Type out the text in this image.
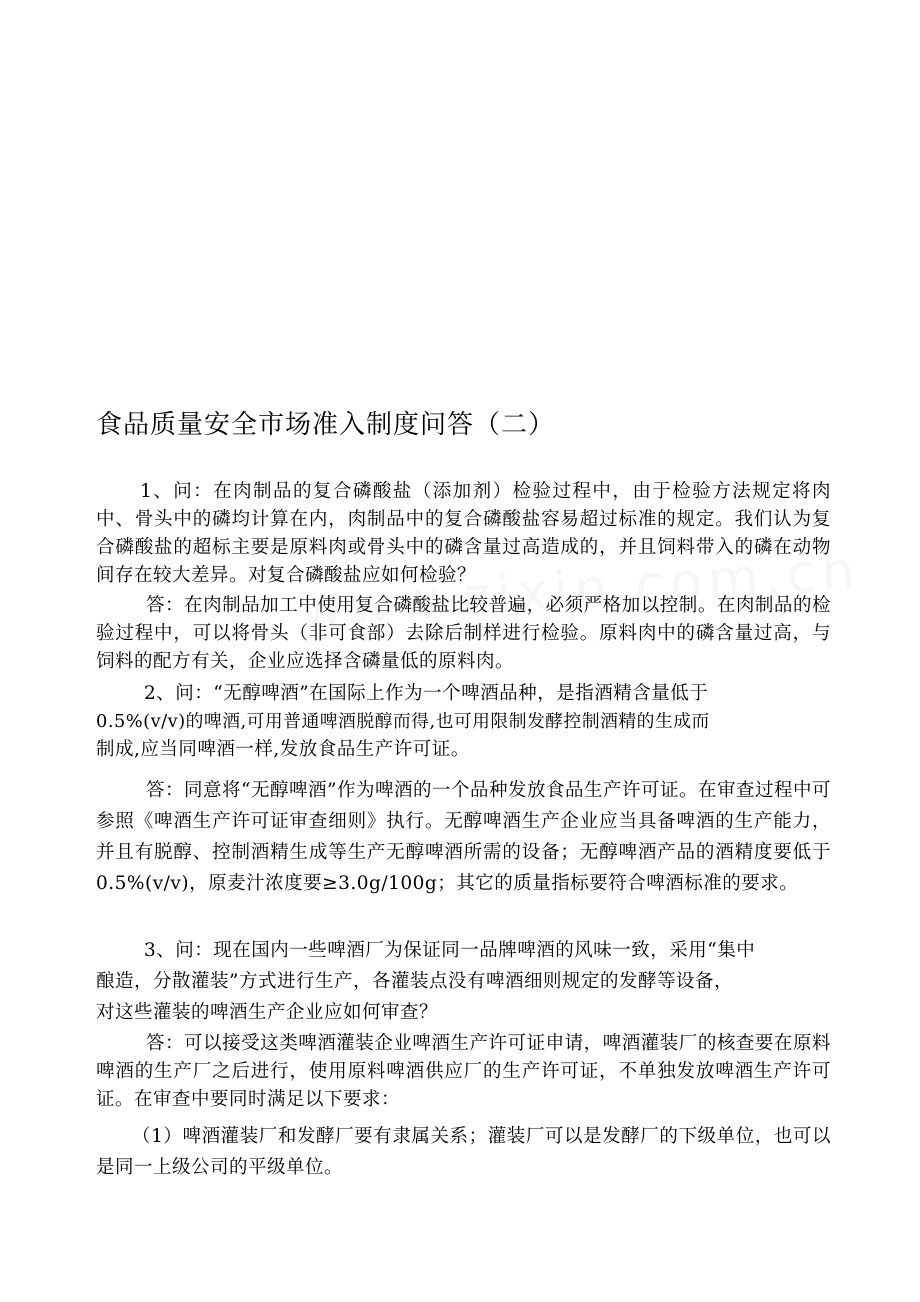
食品质量安全市场准入制度问答（二）
1、问：在肉制品的复合磷酸盐（添加剂）检验过程中，由于检验方法规定将肉中、骨头中的磷均计算在内，肉制品中的复合磷酸盐容易超过标准的规定。我们认为复合磷酸盐的超标主要是原料肉或骨头中的磷含量过高造成的，并且饲料带入的磷在动物间存在较大差异。对复合磷酸盐应如何检验？
答：在肉制品加工中使用复合磷酸盐比较普遍，必须严格加以控制。在肉制品的检验过程中，可以将骨头（非可食部）去除后制样进行检验。原料肉中的磷含量过高，与饲料的配方有关，企业应选择含磷量低的原料肉。
2、问：“无醇啤酒”在国际上作为一个啤酒品种，是指酒精含量低于
0.5%(v/v)的啤酒,可用普通啤酒脱醇而得,也可用限制发酵控制酒精的生成而
制成,应当同啤酒一样,发放食品生产许可证。
答：同意将“无醇啤酒”作为啤酒的一个品种发放食品生产许可证。在审查过程中可参照《啤酒生产许可证审查细则》执行。无醇啤酒生产企业应当具备啤酒的生产能力，并且有脱醇、控制酒精生成等生产无醇啤酒所需的设备；无醇啤酒产品的酒精度要低于0.5%(v/v)，原麦汁浓度要≥3.0g/100g；其它的质量指标要符合啤酒标准的要求。
3、问：现在国内一些啤酒厂为保证同一品牌啤酒的风味一致，采用“集中
酿造，分散灌装”方式进行生产，各灌装点没有啤酒细则规定的发酵等设备，
对这些灌装的啤酒生产企业应如何审查？
答：可以接受这类啤酒灌装企业啤酒生产许可证申请，啤酒灌装厂的核查要在原料啤酒的生产厂之后进行，使用原料啤酒供应厂的生产许可证，不单独发放啤酒生产许可证。在审查中要同时满足以下要求：
（1）啤酒灌装厂和发酵厂要有隶属关系；灌装厂可以是发酵厂的下级单位，也可以是同一上级公司的平级单位。
